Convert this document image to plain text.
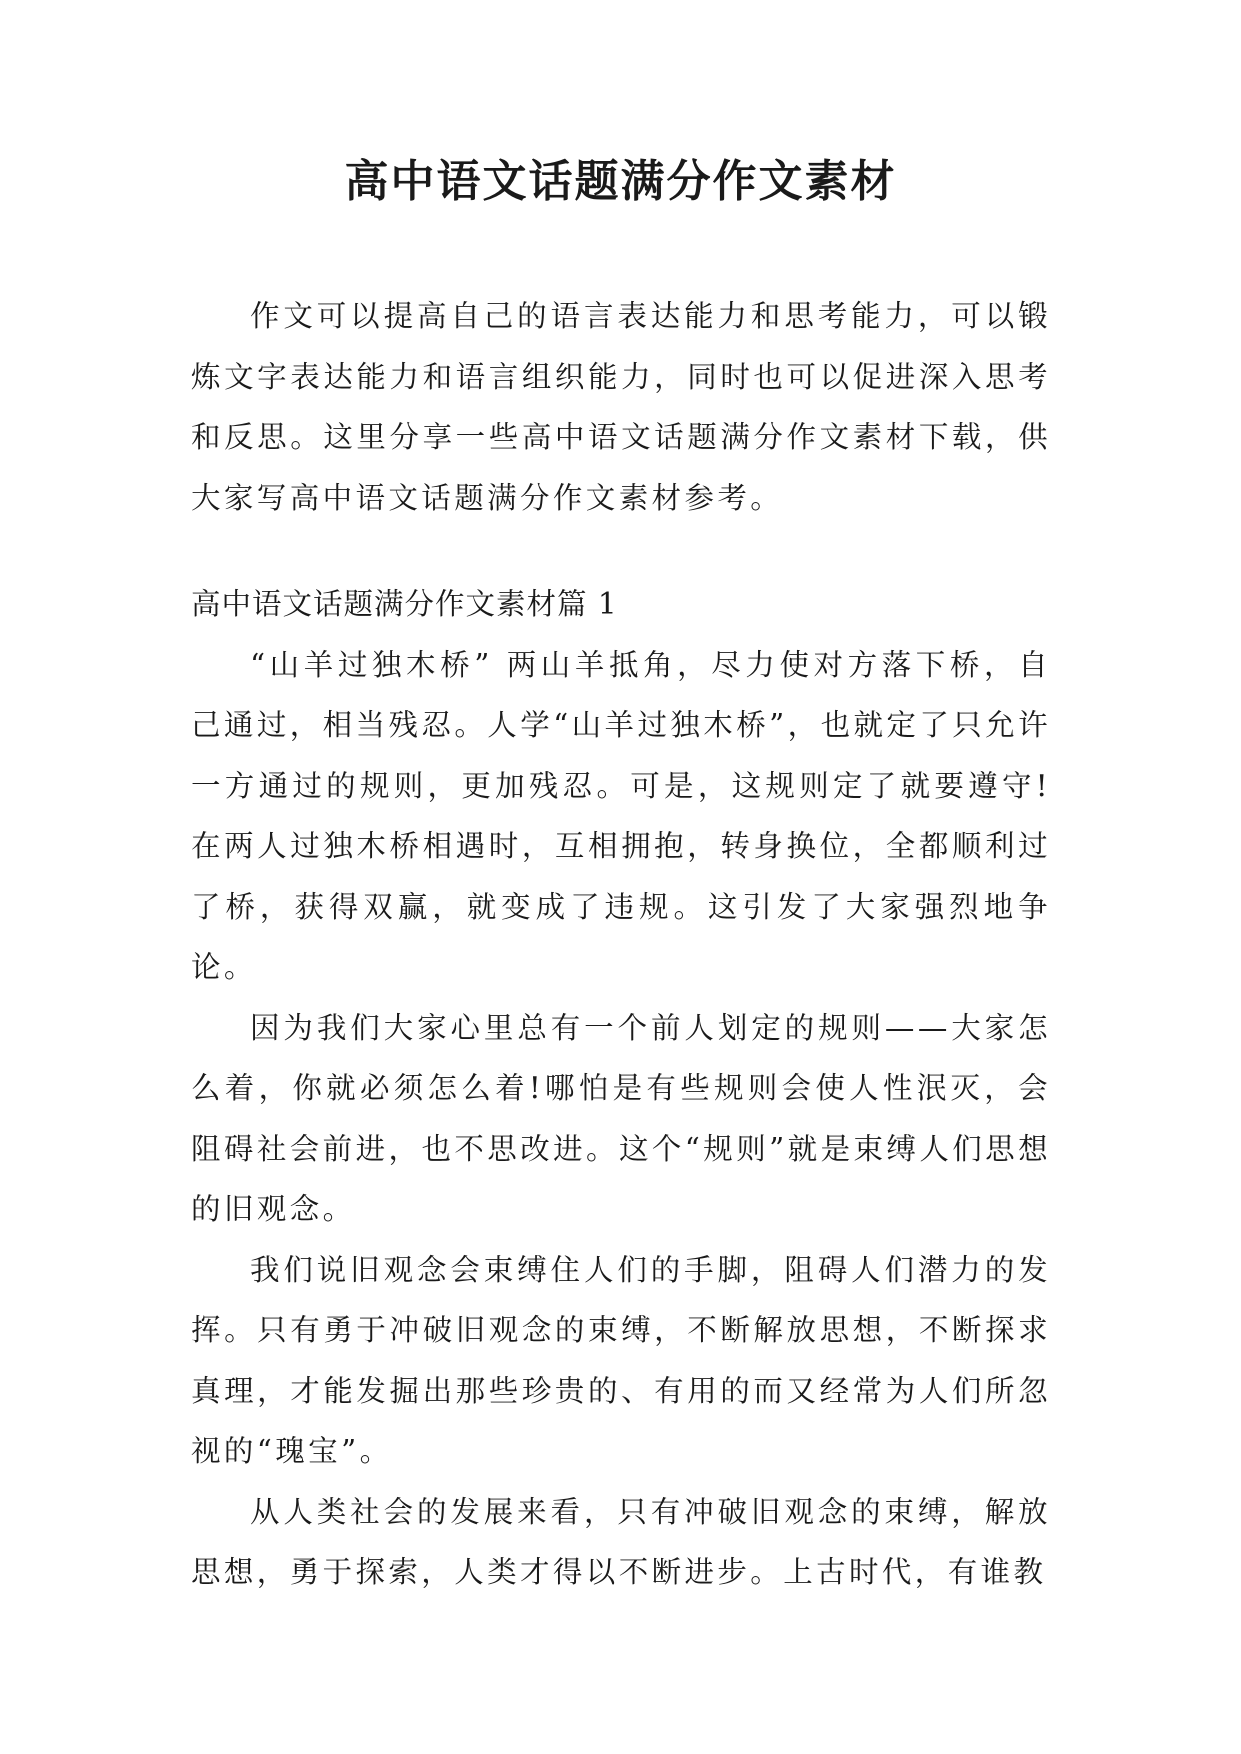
高中语文话题满分作文素材

作文可以提高自己的语言表达能力和思考能力，可以锻炼文字表达能力和语言组织能力，同时也可以促进深入思考和反思。这里分享一些高中语文话题满分作文素材下载，供大家写高中语文话题满分作文素材参考。

高中语文话题满分作文素材篇 1

“山羊过独木桥” 两山羊抵角，尽力使对方落下桥，自己通过，相当残忍。人学“山羊过独木桥”，也就定了只允许一方通过的规则，更加残忍。可是，这规则定了就要遵守!在两人过独木桥相遇时，互相拥抱，转身换位，全都顺利过了桥，获得双赢，就变成了违规。这引发了大家强烈地争论。

因为我们大家心里总有一个前人划定的规则——大家怎么着，你就必须怎么着!哪怕是有些规则会使人性泯灭，会阻碍社会前进，也不思改进。这个“规则”就是束缚人们思想的旧观念。

我们说旧观念会束缚住人们的手脚，阻碍人们潜力的发挥。只有勇于冲破旧观念的束缚，不断解放思想，不断探求真理，才能发掘出那些珍贵的、有用的而又经常为人们所忽视的“瑰宝”。

从人类社会的发展来看，只有冲破旧观念的束缚，解放思想，勇于探索，人类才得以不断进步。上古时代，有谁教
